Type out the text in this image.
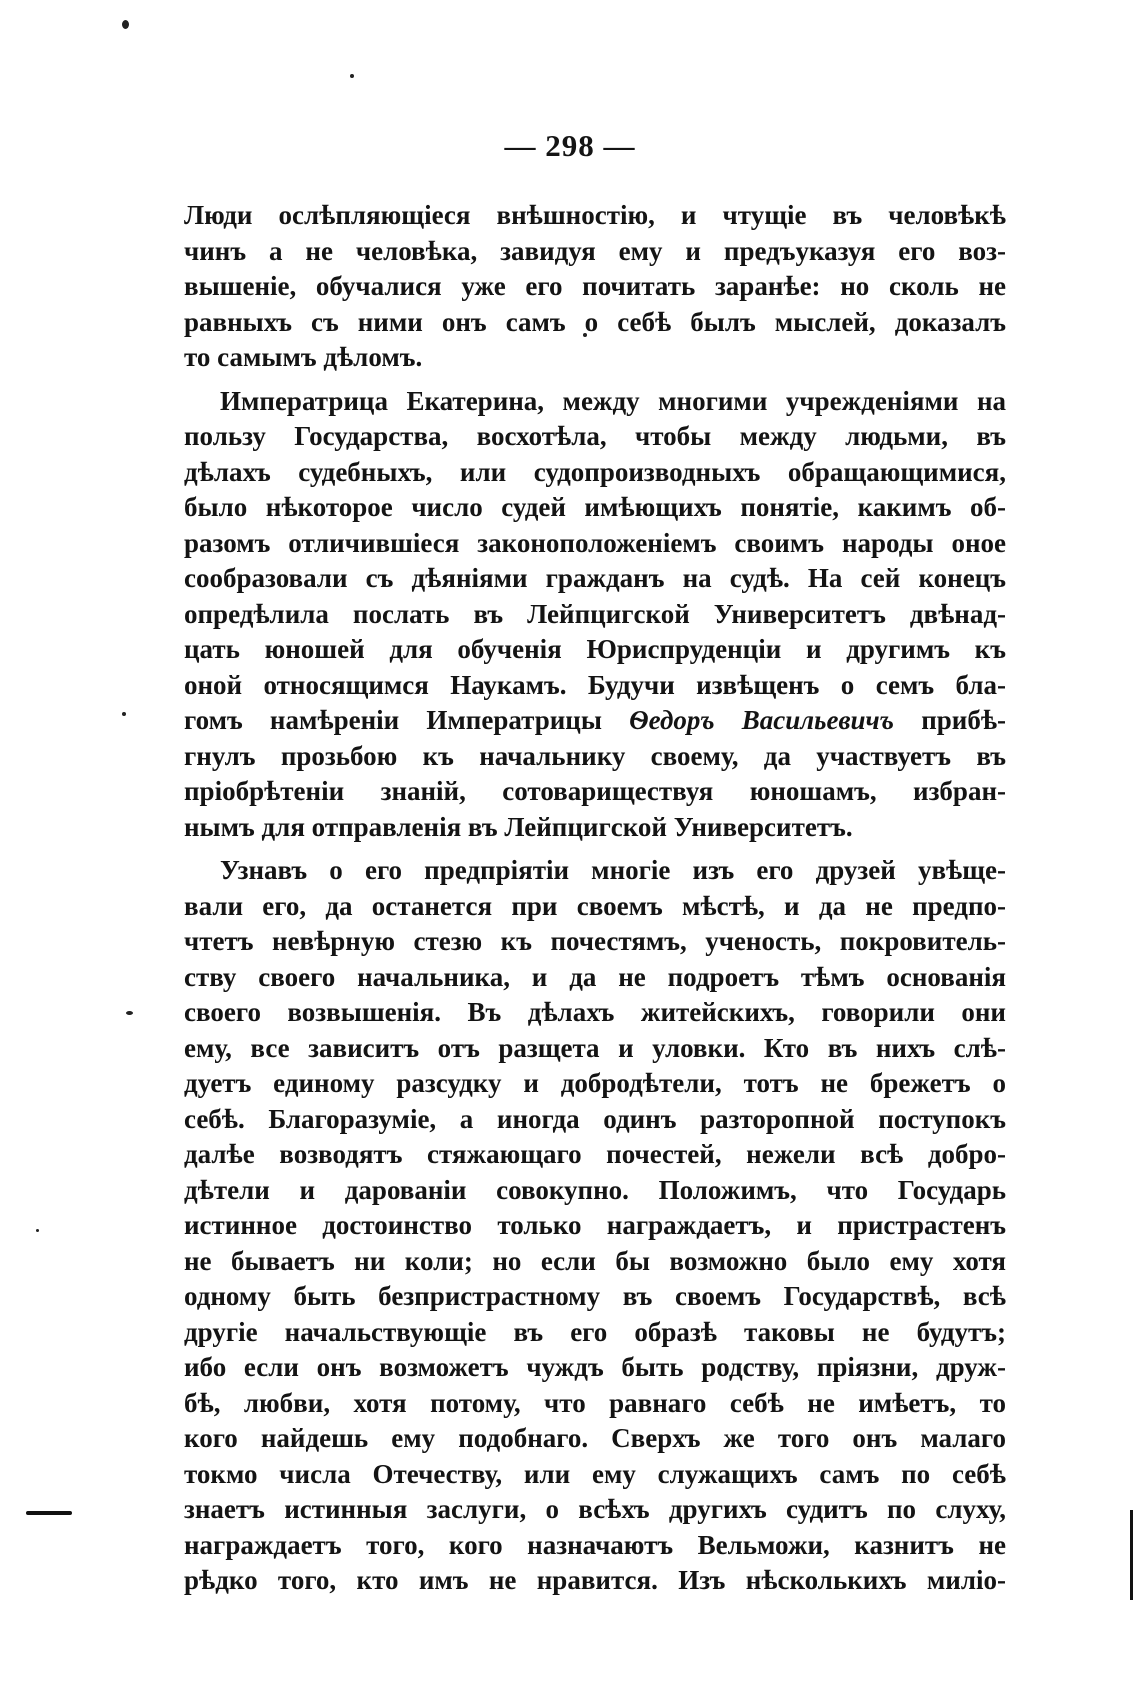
— 298 —
Люди ослѣпляющіеся внѣшностію, и чтущіе въ человѣкѣ
чинъ а не человѣка, завидуя ему и предъуказуя его воз-
вышеніе, обучалися уже его почитать заранѣе: но сколь не
равныхъ съ ними онъ самъ о себѣ былъ мыслей, доказалъ
то самымъ дѣломъ.
Императрица Екатерина, между многими учрежденіями на
пользу Государства, восхотѣла, чтобы между людьми, въ
дѣлахъ судебныхъ, или судопроизводныхъ обращающимися,
было нѣкоторое число судей имѣющихъ понятіе, какимъ об-
разомъ отличившіеся законоположеніемъ своимъ народы оное
сообразовали съ дѣяніями гражданъ на судѣ. На сей конецъ
опредѣлила послать въ Лейпцигской Университетъ двѣнад-
цать юношей для обученія Юриспруденціи и другимъ къ
оной относящимся Наукамъ. Будучи извѣщенъ о семъ бла-
гомъ намѣреніи Императрицы Ѳедоръ Васильевичъ прибѣ-
гнулъ прозьбою къ начальнику своему, да участвуетъ въ
пріобрѣтеніи знаній, сотовариществуя юношамъ, избран-
нымъ для отправленія въ Лейпцигской Университетъ.
Узнавъ о его предпріятіи многіе изъ его друзей увѣще-
вали его, да останется при своемъ мѣстѣ, и да не предпо-
чтетъ невѣрную стезю къ почестямъ, ученость, покровитель-
ству своего начальника, и да не подроетъ тѣмъ основанія
своего возвышенія. Въ дѣлахъ житейскихъ, говорили они
ему, все зависитъ отъ разщета и уловки. Кто въ нихъ слѣ-
дуетъ единому разсудку и добродѣтели, тотъ не брежетъ о
себѣ. Благоразуміе, а иногда одинъ разторопной поступокъ
далѣе возводятъ стяжающаго почестей, нежели всѣ добро-
дѣтели и дарованіи совокупно. Положимъ, что Государь
истинное достоинство только награждаетъ, и пристрастенъ
не бываетъ ни коли; но если бы возможно было ему хотя
одному быть безпристрастному въ своемъ Государствѣ, всѣ
другіе начальствующіе въ его образѣ таковы не будутъ;
ибо если онъ возможетъ чуждъ быть родству, пріязни, друж-
бѣ, любви, хотя потому, что равнаго себѣ не имѣетъ, то
кого найдешь ему подобнаго. Сверхъ же того онъ малаго
токмо числа Отечеству, или ему служащихъ самъ по себѣ
знаетъ истинныя заслуги, о всѣхъ другихъ судитъ по слуху,
награждаетъ того, кого назначаютъ Вельможи, казнитъ не
рѣдко того, кто имъ не нравится. Изъ нѣсколькихъ миліо-
